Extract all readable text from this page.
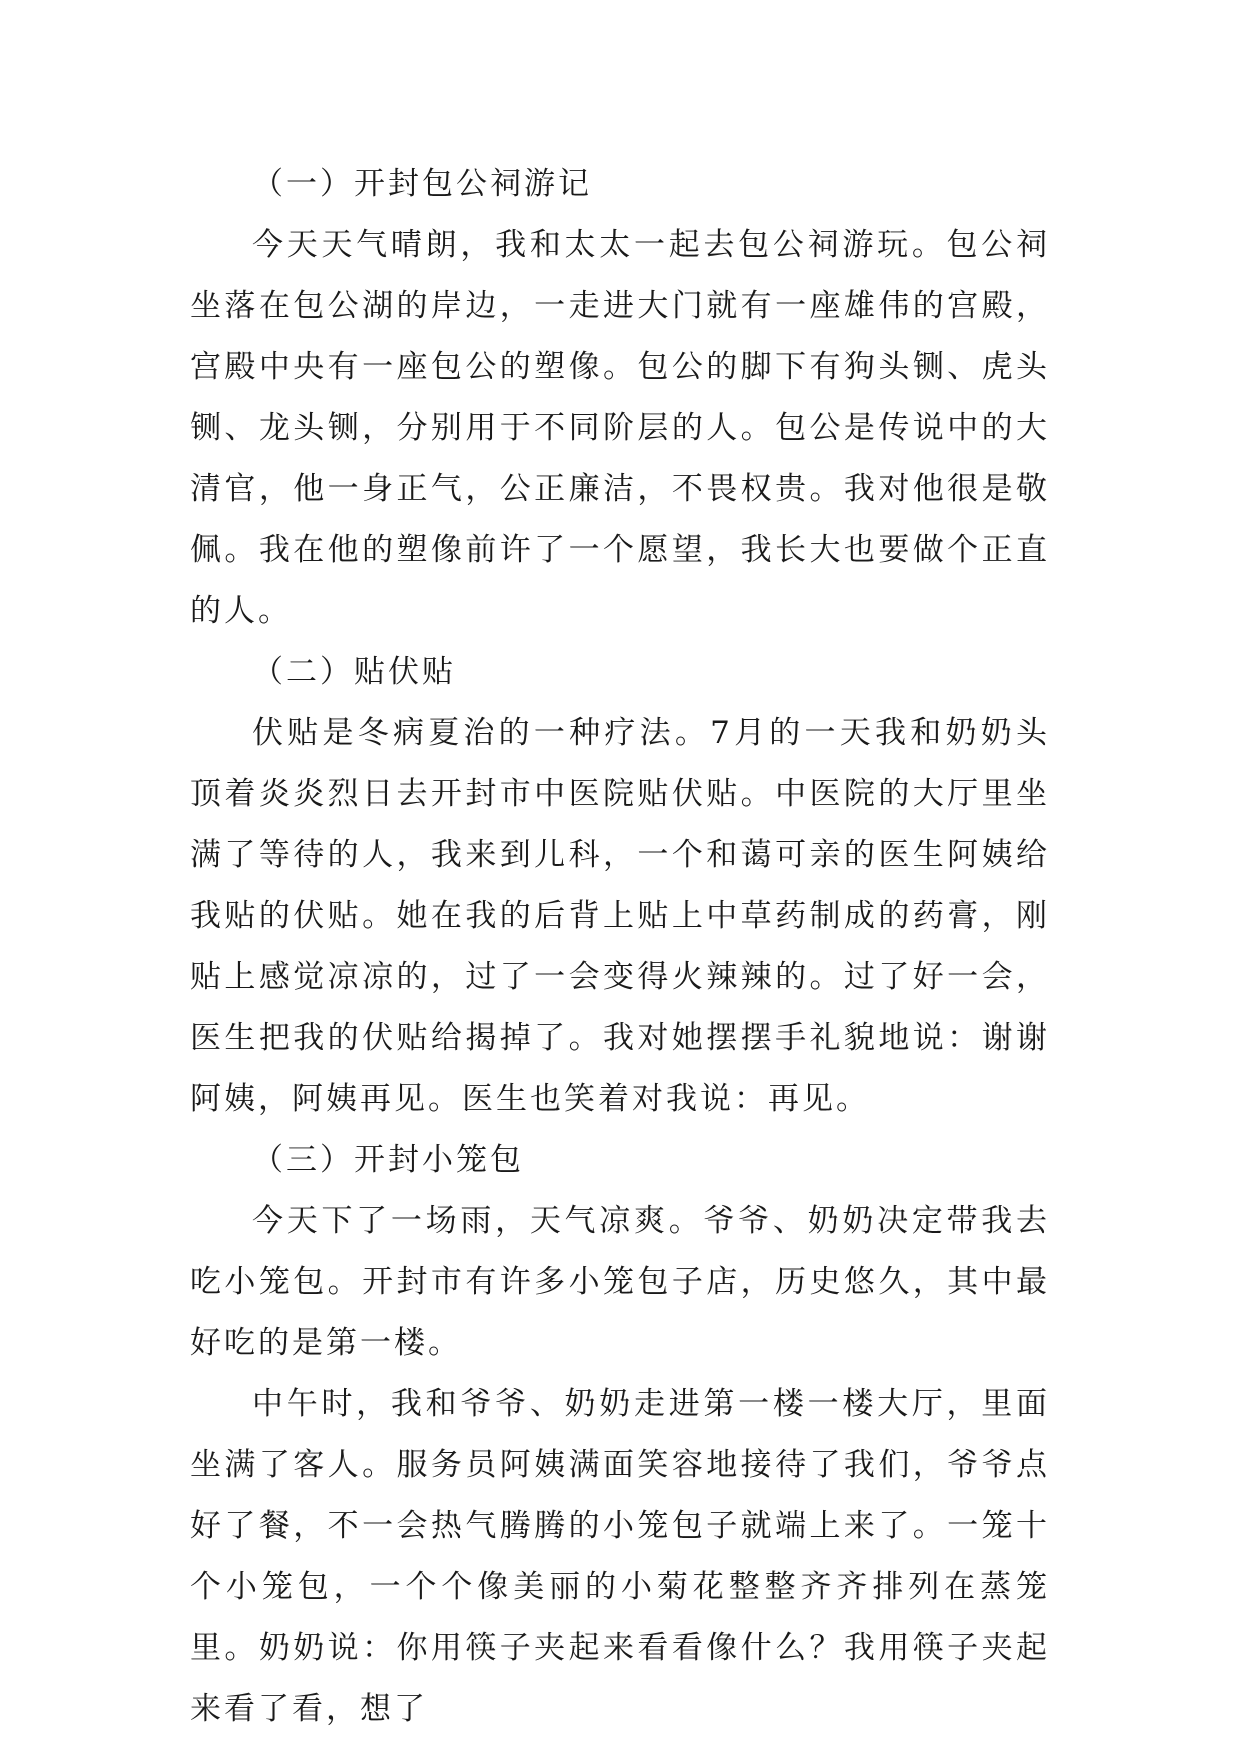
（一）开封包公祠游记

今天天气晴朗，我和太太一起去包公祠游玩。包公祠坐落在包公湖的岸边，一走进大门就有一座雄伟的宫殿，宫殿中央有一座包公的塑像。包公的脚下有狗头铡、虎头铡、龙头铡，分别用于不同阶层的人。包公是传说中的大清官，他一身正气，公正廉洁，不畏权贵。我对他很是敬佩。我在他的塑像前许了一个愿望，我长大也要做个正直的人。

（二）贴伏贴

伏贴是冬病夏治的一种疗法。7月的一天我和奶奶头顶着炎炎烈日去开封市中医院贴伏贴。中医院的大厅里坐满了等待的人，我来到儿科，一个和蔼可亲的医生阿姨给我贴的伏贴。她在我的后背上贴上中草药制成的药膏，刚贴上感觉凉凉的，过了一会变得火辣辣的。过了好一会，医生把我的伏贴给揭掉了。我对她摆摆手礼貌地说：谢谢阿姨，阿姨再见。医生也笑着对我说：再见。

（三）开封小笼包

今天下了一场雨，天气凉爽。爷爷、奶奶决定带我去吃小笼包。开封市有许多小笼包子店，历史悠久，其中最好吃的是第一楼。

中午时，我和爷爷、奶奶走进第一楼一楼大厅，里面坐满了客人。服务员阿姨满面笑容地接待了我们，爷爷点好了餐，不一会热气腾腾的小笼包子就端上来了。一笼十个小笼包，一个个像美丽的小菊花整整齐齐排列在蒸笼里。奶奶说：你用筷子夹起来看看像什么？我用筷子夹起来看了看，想了
